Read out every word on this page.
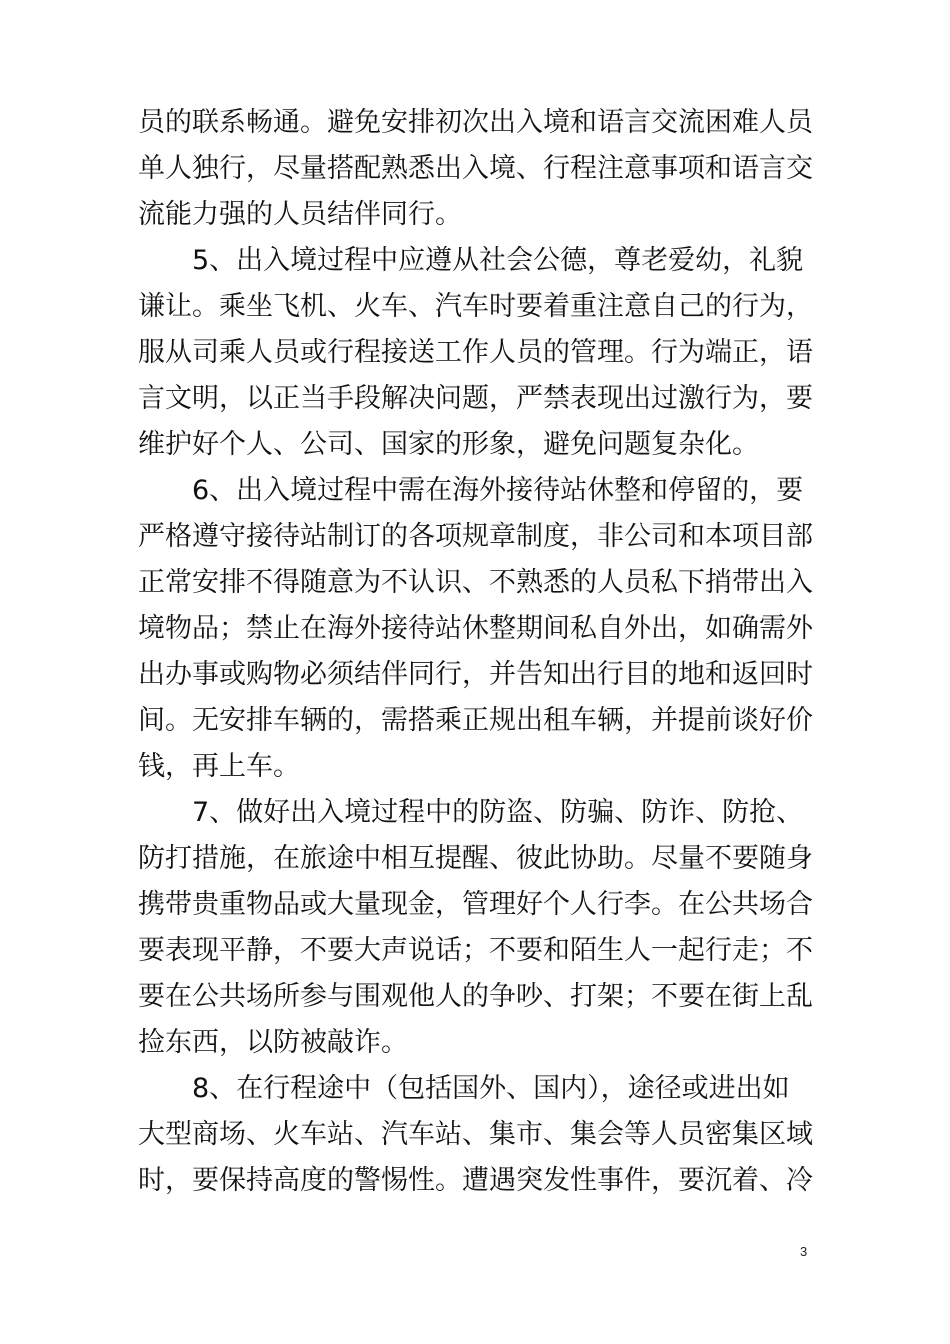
员的联系畅通。避免安排初次出入境和语言交流困难人员
单人独行，尽量搭配熟悉出入境、行程注意事项和语言交
流能力强的人员结伴同行。
　　5、出入境过程中应遵从社会公德，尊老爱幼，礼貌
谦让。乘坐飞机、火车、汽车时要着重注意自己的行为，
服从司乘人员或行程接送工作人员的管理。行为端正，语
言文明，以正当手段解决问题，严禁表现出过激行为，要
维护好个人、公司、国家的形象，避免问题复杂化。
　　6、出入境过程中需在海外接待站休整和停留的，要
严格遵守接待站制订的各项规章制度，非公司和本项目部
正常安排不得随意为不认识、不熟悉的人员私下捎带出入
境物品；禁止在海外接待站休整期间私自外出，如确需外
出办事或购物必须结伴同行，并告知出行目的地和返回时
间。无安排车辆的，需搭乘正规出租车辆，并提前谈好价
钱，再上车。
　　7、做好出入境过程中的防盗、防骗、防诈、防抢、
防打措施，在旅途中相互提醒、彼此协助。尽量不要随身
携带贵重物品或大量现金，管理好个人行李。在公共场合
要表现平静，不要大声说话；不要和陌生人一起行走；不
要在公共场所参与围观他人的争吵、打架；不要在街上乱
捡东西，以防被敲诈。
　　8、在行程途中（包括国外、国内），途径或进出如
大型商场、火车站、汽车站、集市、集会等人员密集区域
时，要保持高度的警惕性。遭遇突发性事件，要沉着、冷
3
